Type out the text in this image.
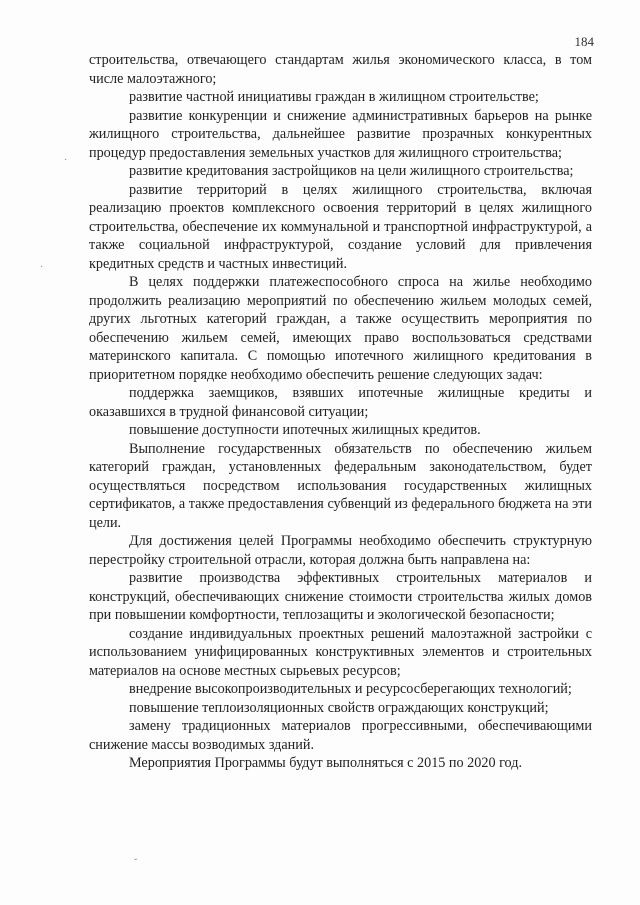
184

строительства, отвечающего стандартам жилья экономического класса, в том числе малоэтажного;

развитие частной инициативы граждан в жилищном строительстве;

развитие конкуренции и снижение административных барьеров на рынке жилищного строительства, дальнейшее развитие прозрачных конкурентных процедур предоставления земельных участков для жилищного строительства;

развитие кредитования застройщиков на цели жилищного строительства;

развитие территорий в целях жилищного строительства, включая реализацию проектов комплексного освоения территорий в целях жилищного строительства, обеспечение их коммунальной и транспортной инфраструктурой, а также социальной инфраструктурой, создание условий для привлечения кредитных средств и частных инвестиций.

В целях поддержки платежеспособного спроса на жилье необходимо продолжить реализацию мероприятий по обеспечению жильем молодых семей, других льготных категорий граждан, а также осуществить мероприятия по обеспечению жильем семей, имеющих право воспользоваться средствами материнского капитала. С помощью ипотечного жилищного кредитования в приоритетном порядке необходимо обеспечить решение следующих задач:

поддержка заемщиков, взявших ипотечные жилищные кредиты и оказавшихся в трудной финансовой ситуации;

повышение доступности ипотечных жилищных кредитов.

Выполнение государственных обязательств по обеспечению жильем категорий граждан, установленных федеральным законодательством, будет осуществляться посредством использования государственных жилищных сертификатов, а также предоставления субвенций из федерального бюджета на эти цели.

Для достижения целей Программы необходимо обеспечить структурную перестройку строительной отрасли, которая должна быть направлена на:

развитие производства эффективных строительных материалов и конструкций, обеспечивающих снижение стоимости строительства жилых домов при повышении комфортности, теплозащиты и экологической безопасности;

создание индивидуальных проектных решений малоэтажной застройки с использованием унифицированных конструктивных элементов и строительных материалов на основе местных сырьевых ресурсов;

внедрение высокопроизводительных и ресурсосберегающих технологий;

повышение теплоизоляционных свойств ограждающих конструкций;

замену традиционных материалов прогрессивными, обеспечивающими снижение массы возводимых зданий.

Мероприятия Программы будут выполняться с 2015 по 2020 год.

·
·
ˇ
